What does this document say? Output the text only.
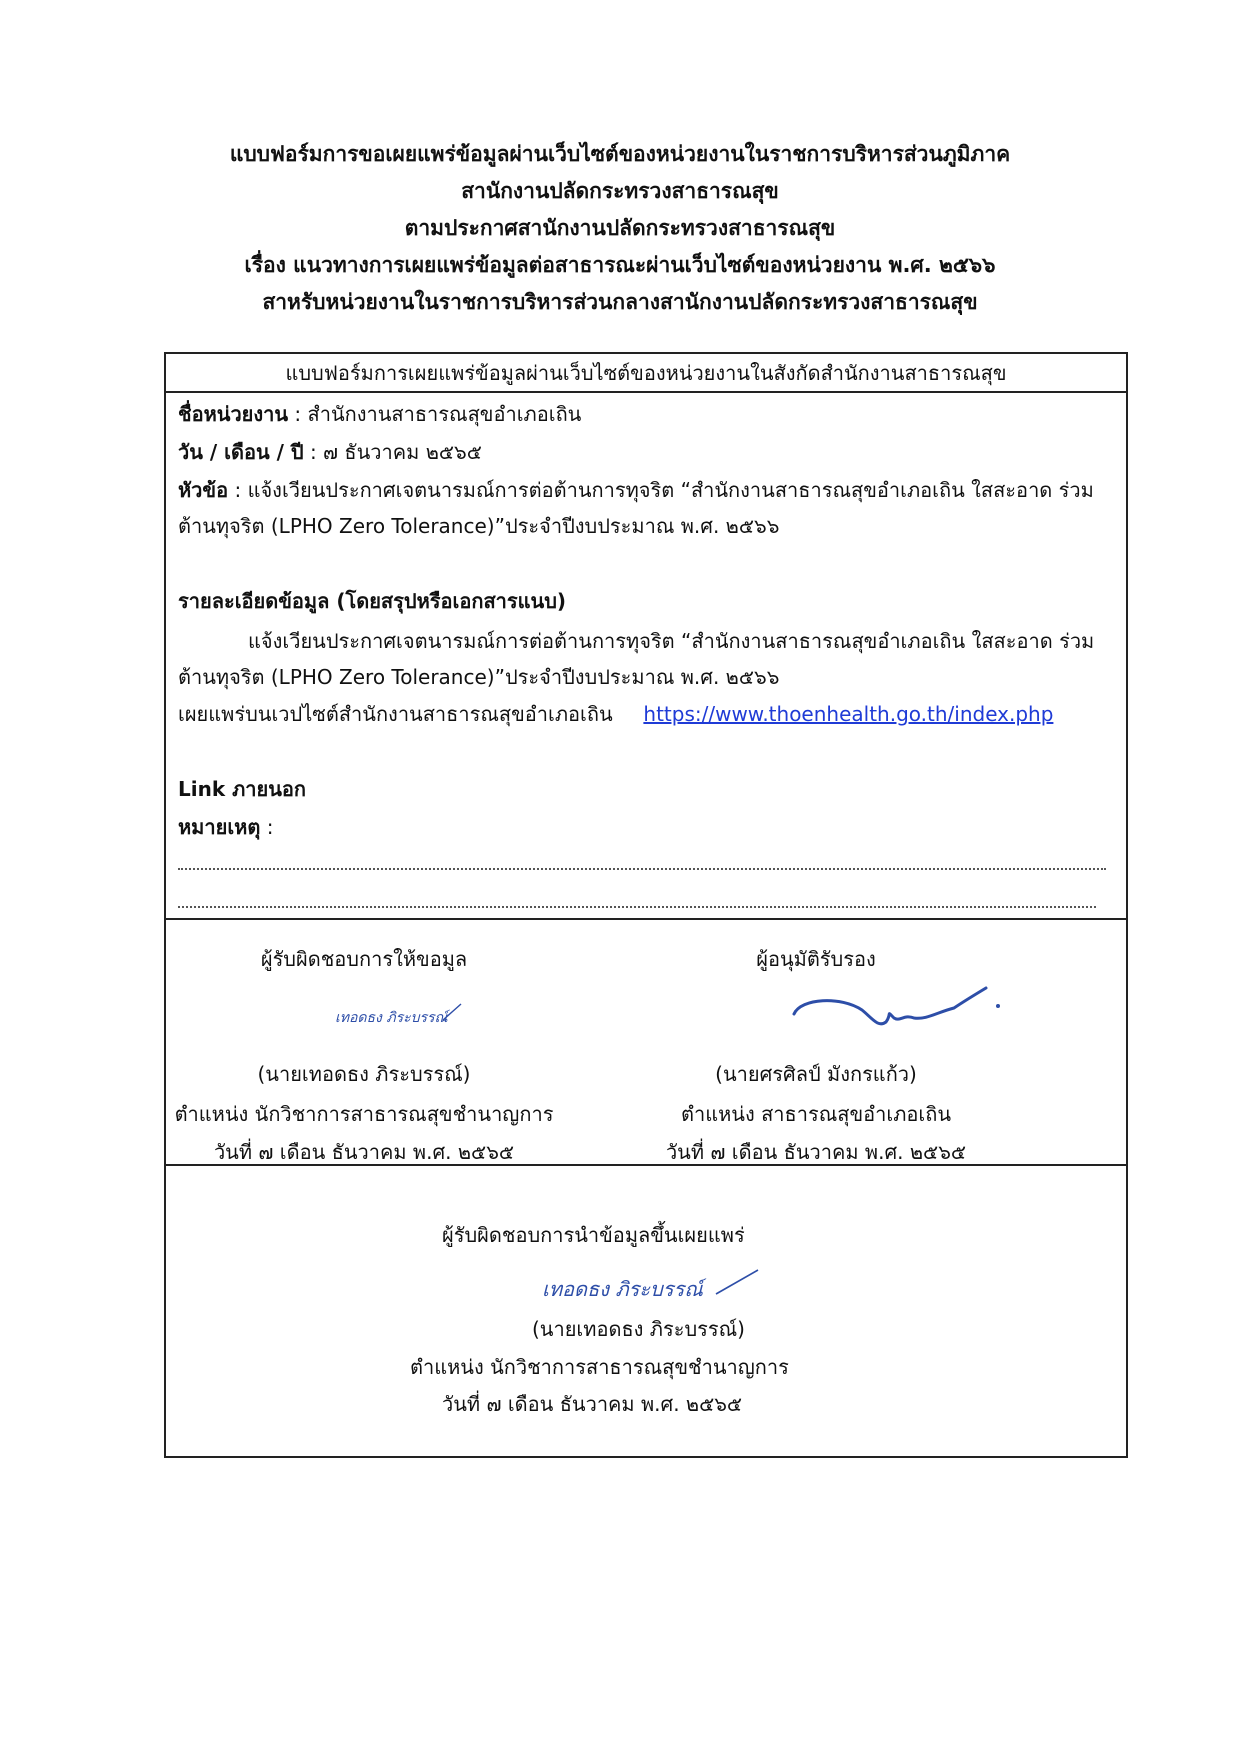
แบบฟอร์มการขอเผยแพร่ข้อมูลผ่านเว็บไซต์ของหน่วยงานในราชการบริหารส่วนภูมิภาค
สานักงานปลัดกระทรวงสาธารณสุข
ตามประกาศสานักงานปลัดกระทรวงสาธารณสุข
เรื่อง แนวทางการเผยแพร่ข้อมูลต่อสาธารณะผ่านเว็บไซต์ของหน่วยงาน พ.ศ. ๒๕๖๖
สาหรับหน่วยงานในราชการบริหารส่วนกลางสานักงานปลัดกระทรวงสาธารณสุข
แบบฟอร์มการเผยแพร่ข้อมูลผ่านเว็บไซต์ของหน่วยงานในสังกัดสำนักงานสาธารณสุข
ชื่อหน่วยงาน : สำนักงานสาธารณสุขอำเภอเถิน
วัน / เดือน / ปี : ๗ ธันวาคม ๒๕๖๕
หัวข้อ : แจ้งเวียนประกาศเจตนารมณ์การต่อต้านการทุจริต “สำนักงานสาธารณสุขอำเภอเถิน ใสสะอาด ร่วม
ต้านทุจริต (LPHO Zero Tolerance)”ประจำปีงบประมาณ พ.ศ. ๒๕๖๖
รายละเอียดข้อมูล (โดยสรุปหรือเอกสารแนบ)
แจ้งเวียนประกาศเจตนารมณ์การต่อต้านการทุจริต “สำนักงานสาธารณสุขอำเภอเถิน ใสสะอาด ร่วม
ต้านทุจริต (LPHO Zero Tolerance)”ประจำปีงบประมาณ พ.ศ. ๒๕๖๖
เผยแพร่บนเวปไซต์สำนักงานสาธารณสุขอำเภอเถิน https://www.thoenhealth.go.th/index.php
Link ภายนอก
หมายเหตุ :
ผู้รับผิดชอบการให้ขอมูล
เทอดธง ภิระบรรณ์
(นายเทอดธง ภิระบรรณ์)
ตำแหน่ง นักวิชาการสาธารณสุขชำนาญการ
วันที่ ๗ เดือน ธันวาคม พ.ศ. ๒๕๖๕
ผู้อนุมัติรับรอง
(นายศรศิลป์ มังกรแก้ว)
ตำแหน่ง สาธารณสุขอำเภอเถิน
วันที่ ๗ เดือน ธันวาคม พ.ศ. ๒๕๖๕
ผู้รับผิดชอบการนำข้อมูลขึ้นเผยแพร่
เทอดธง ภิระบรรณ์
(นายเทอดธง ภิระบรรณ์)
ตำแหน่ง นักวิชาการสาธารณสุขชำนาญการ
วันที่ ๗ เดือน ธันวาคม พ.ศ. ๒๕๖๕
